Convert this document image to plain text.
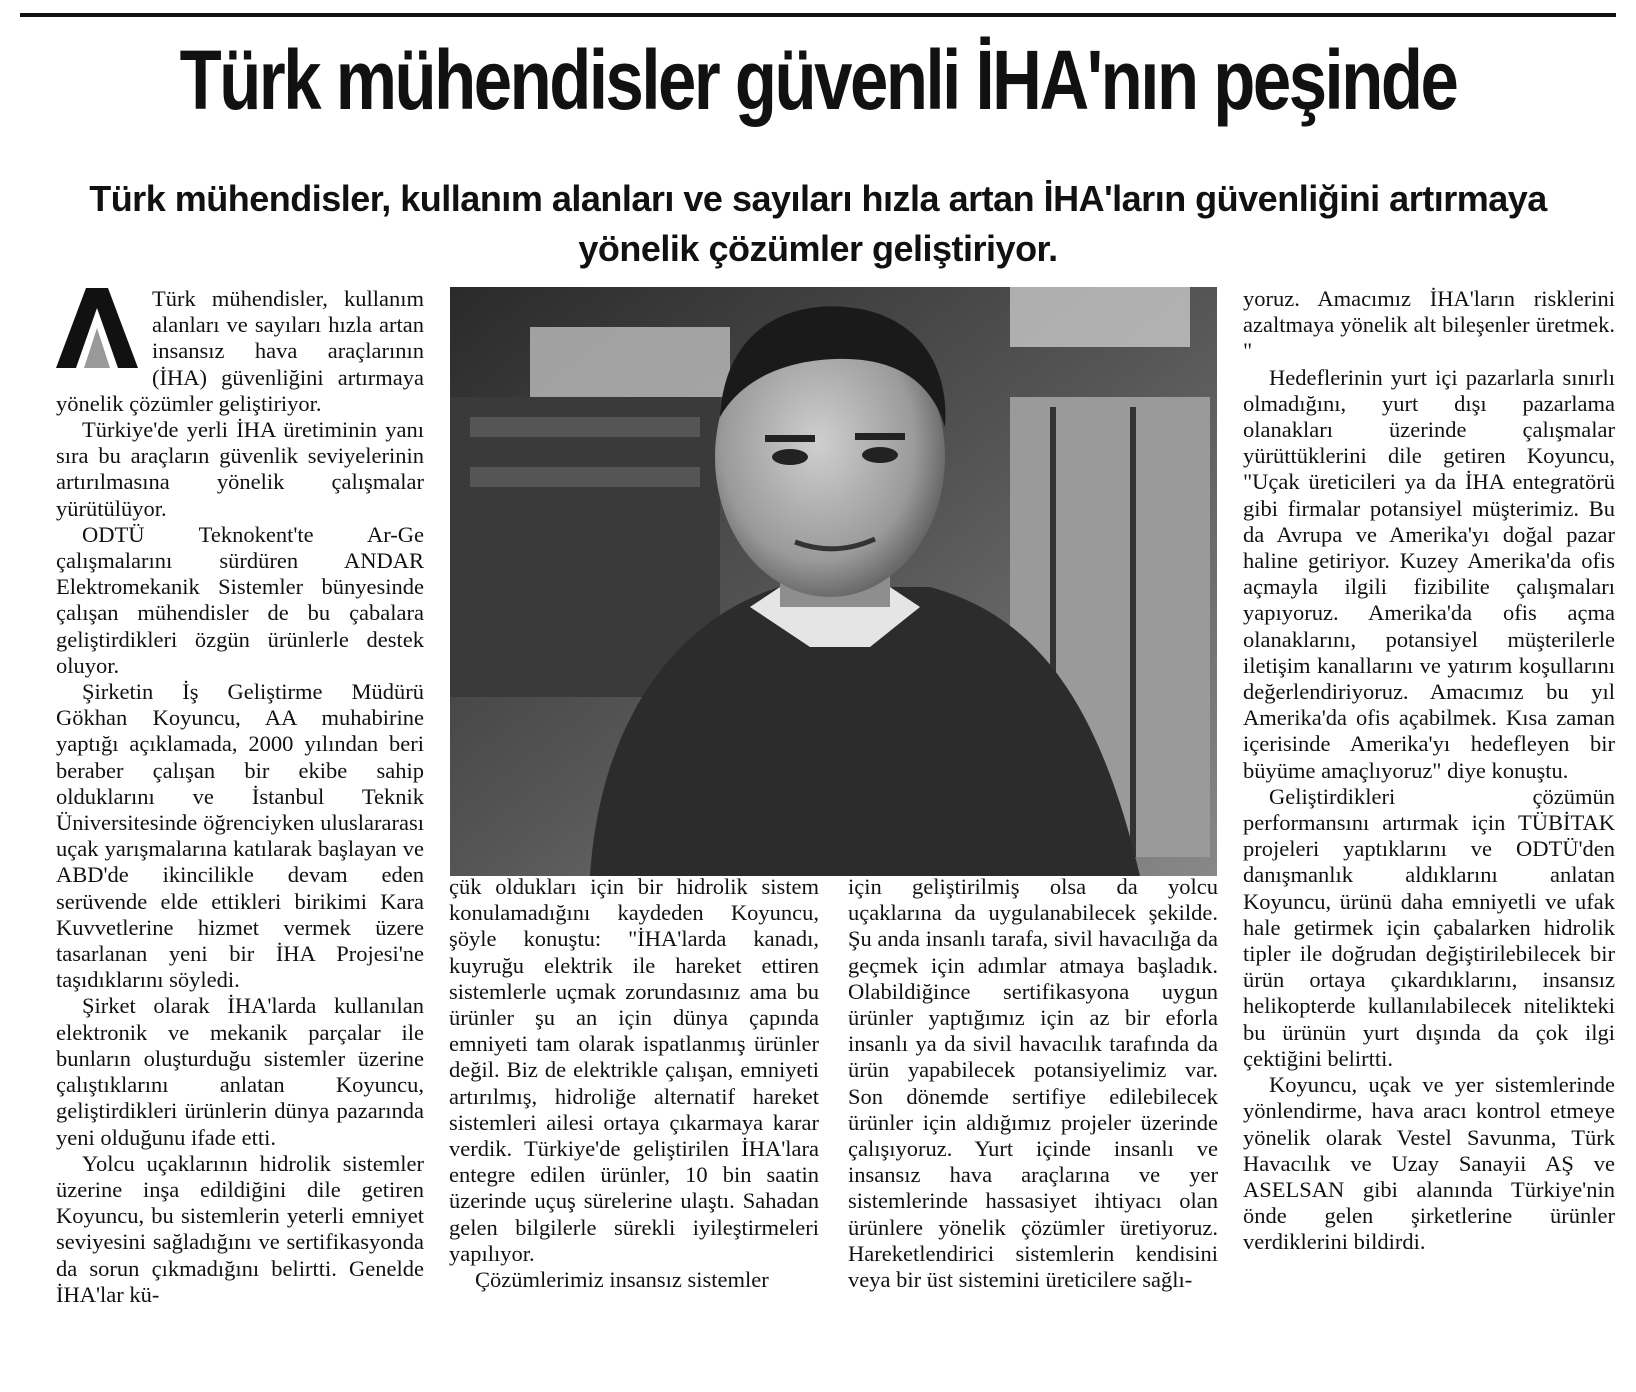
Türk mühendisler güvenli İHA'nın peşinde
Türk mühendisler, kullanım alanları ve sayıları hızla artan İHA'ların güvenliğini artırmaya yönelik çözümler geliştiriyor.

Türk mühendisler, kullanım alanları ve sayıları hızla artan insansız hava araçlarının (İHA) güvenliğini artırmaya yönelik çözümler geliştiriyor.

Türkiye'de yerli İHA üretiminin yanı sıra bu araçların güvenlik seviyelerinin artırılmasına yönelik çalışmalar yürütülüyor.

ODTÜ Teknokent'te Ar-Ge çalışmalarını sürdüren ANDAR Elektromekanik Sistemler bünyesinde çalışan mühendisler de bu çabalara geliştirdikleri özgün ürünlerle destek oluyor.

Şirketin İş Geliştirme Müdürü Gökhan Koyuncu, AA muhabirine yaptığı açıklamada, 2000 yılından beri beraber çalışan bir ekibe sahip olduklarını ve İstanbul Teknik Üniversitesinde öğrenciyken uluslararası uçak yarışmalarına katılarak başlayan ve ABD'de ikincilikle devam eden serüvende elde ettikleri birikimi Kara Kuvvetlerine hizmet vermek üzere tasarlanan yeni bir İHA Projesi'ne taşıdıklarını söyledi.

Şirket olarak İHA'larda kullanılan elektronik ve mekanik parçalar ile bunların oluşturduğu sistemler üzerine çalıştıklarını anlatan Koyuncu, geliştirdikleri ürünlerin dünya pazarında yeni olduğunu ifade etti.

Yolcu uçaklarının hidrolik sistemler üzerine inşa edildiğini dile getiren Koyuncu, bu sistemlerin yeterli emniyet seviyesini sağladığını ve sertifikasyonda da sorun çıkmadığını belirtti. Genelde İHA'lar kü-

çük oldukları için bir hidrolik sistem konulamadığını kaydeden Koyuncu, şöyle konuştu: "İHA'larda kanadı, kuyruğu elektrik ile hareket ettiren sistemlerle uçmak zorundasınız ama bu ürünler şu an için dünya çapında emniyeti tam olarak ispatlanmış ürünler değil. Biz de elektrikle çalışan, emniyeti artırılmış, hidroliğe alternatif hareket sistemleri ailesi ortaya çıkarmaya karar verdik. Türkiye'de geliştirilen İHA'lara entegre edilen ürünler, 10 bin saatin üzerinde uçuş sürelerine ulaştı. Sahadan gelen bilgilerle sürekli iyileştirmeleri yapılıyor.

Çözümlerimiz insansız sistemler

için geliştirilmiş olsa da yolcu uçaklarına da uygulanabilecek şekilde. Şu anda insanlı tarafa, sivil havacılığa da geçmek için adımlar atmaya başladık. Olabildiğince sertifikasyona uygun ürünler yaptığımız için az bir eforla insanlı ya da sivil havacılık tarafında da ürün yapabilecek potansiyelimiz var. Son dönemde sertifiye edilebilecek ürünler için aldığımız projeler üzerinde çalışıyoruz. Yurt içinde insanlı ve insansız hava araçlarına ve yer sistemlerinde hassasiyet ihtiyacı olan ürünlere yönelik çözümler üretiyoruz. Hareketlendirici sistemlerin kendisini veya bir üst sistemini üreticilere sağlı-

yoruz. Amacımız İHA'ların risklerini azaltmaya yönelik alt bileşenler üretmek. "

Hedeflerinin yurt içi pazarlarla sınırlı olmadığını, yurt dışı pazarlama olanakları üzerinde çalışmalar yürüttüklerini dile getiren Koyuncu, "Uçak üreticileri ya da İHA entegratörü gibi firmalar potansiyel müşterimiz. Bu da Avrupa ve Amerika'yı doğal pazar haline getiriyor. Kuzey Amerika'da ofis açmayla ilgili fizibilite çalışmaları yapıyoruz. Amerika'da ofis açma olanaklarını, potansiyel müşterilerle iletişim kanallarını ve yatırım koşullarını değerlendiriyoruz. Amacımız bu yıl Amerika'da ofis açabilmek. Kısa zaman içerisinde Amerika'yı hedefleyen bir büyüme amaçlıyoruz" diye konuştu.

Geliştirdikleri çözümün performansını artırmak için TÜBİTAK projeleri yaptıklarını ve ODTÜ'den danışmanlık aldıklarını anlatan Koyuncu, ürünü daha emniyetli ve ufak hale getirmek için çabalarken hidrolik tipler ile doğrudan değiştirilebilecek bir ürün ortaya çıkardıklarını, insansız helikopterde kullanılabilecek nitelikteki bu ürünün yurt dışında da çok ilgi çektiğini belirtti.

Koyuncu, uçak ve yer sistemlerinde yönlendirme, hava aracı kontrol etmeye yönelik olarak Vestel Savunma, Türk Havacılık ve Uzay Sanayii AŞ ve ASELSAN gibi alanında Türkiye'nin önde gelen şirketlerine ürünler verdiklerini bildirdi.
